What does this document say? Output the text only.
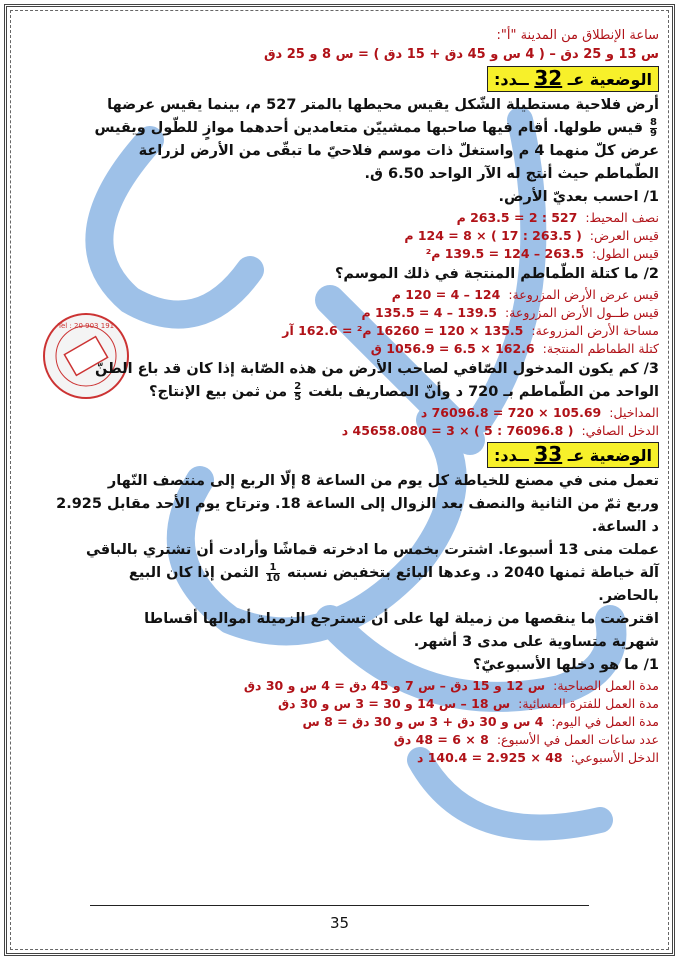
Tel : 20 903 191
ساعة الإنطلاق من المدينة "أ":
س 13 و 25 دق – ( 4 س و 45 دق + 15 دق ) = س 8 و 25 دق
الوضعية عـ 32 ــدد:
أرض فلاحية مستطيلة الشّكل يقيس محيطها بالمتر 527 م، بينما يقيس عرضها
$\frac{8}{9}$
قيس طولها. أقام فيها صاحبها ممشييّن متعامدين أحدهما موازٍ للطّول ويقيس
عرض كلّ منهما 4 م واستغلّ ذات موسم فلاحيّ ما تبقّى من الأرض لزراعة
الطّماطم حيث أنتج له الآر الواحد 6.50 ق.
1/ احسب بعديّ الأرض.
نصف المحيط:
527 : 2 = 263.5 م
قيس العرض:
( 263.5 : 17 ) × 8 = 124 م
قيس الطول:
263.5 – 124 = 139.5 م²
2/ ما كتلة الطّماطم المنتجة في ذلك الموسم؟
قيس عرض الأرض المزروعة:
124 – 4 = 120 م
قيس طــول الأرض المزروعة:
139.5 – 4 = 135.5 م
مساحة الأرض المزروعة:
135.5 × 120 = 16260 م² = 162.6 آر
كتلة الطماطم المنتجة:
162.6 × 6.5 = 1056.9 ق
3/ كم يكون المدخول الصّافي لصاحب الأرض من هذه الصّابة إذا كان قد باع الطنّ
الواحد من الطّماطم بـ 720 د وأنّ المصاريف بلغت
$\frac{2}{5}$
من ثمن بيع الإنتاج؟
المداخيل:
105.69 × 720 = 76096.8 د
الدخل الصافي:
( 76096.8 : 5 ) × 3 = 45658.080 د
الوضعية عـ 33 ــدد:
تعمل منى في مصنع للخياطة كل يوم من الساعة 8 إلّا الربع إلى منتصف النّهار
وربع ثمّ من الثانية والنصف بعد الزوال إلى الساعة 18. وترتاح يوم الأحد مقابل 2.925
د الساعة.
عملت منى 13 أسبوعا. اشترت بخمس ما ادخرته قماشًا وأرادت أن تشتري بالباقي
آلة خياطة ثمنها 2040 د. وعدها البائع بتخفيض نسبته
$\frac{1}{10}$
الثمن إذا كان البيع
بالحاضر.
اقترضت ما ينقصها من زميلة لها على أن تسترجع الزميلة أموالها أقساطا
شهرية متساوية على مدى 3 أشهر.
1/ ما هو دخلها الأسبوعيّ؟
مدة العمل الصباحية:
س 12 و 15 دق – س 7 و 45 دق = 4 س و 30 دق
مدة العمل للفترة المسائية:
س 18 – س 14 و 30 = 3 س و 30 دق
مدة العمل في اليوم:
4 س و 30 دق + 3 س و 30 دق = 8 س
عدد ساعات العمل في الأسبوع:
8 × 6 = 48 دق
الدخل الأسبوعي:
48 × 2.925 = 140.4 د
35
